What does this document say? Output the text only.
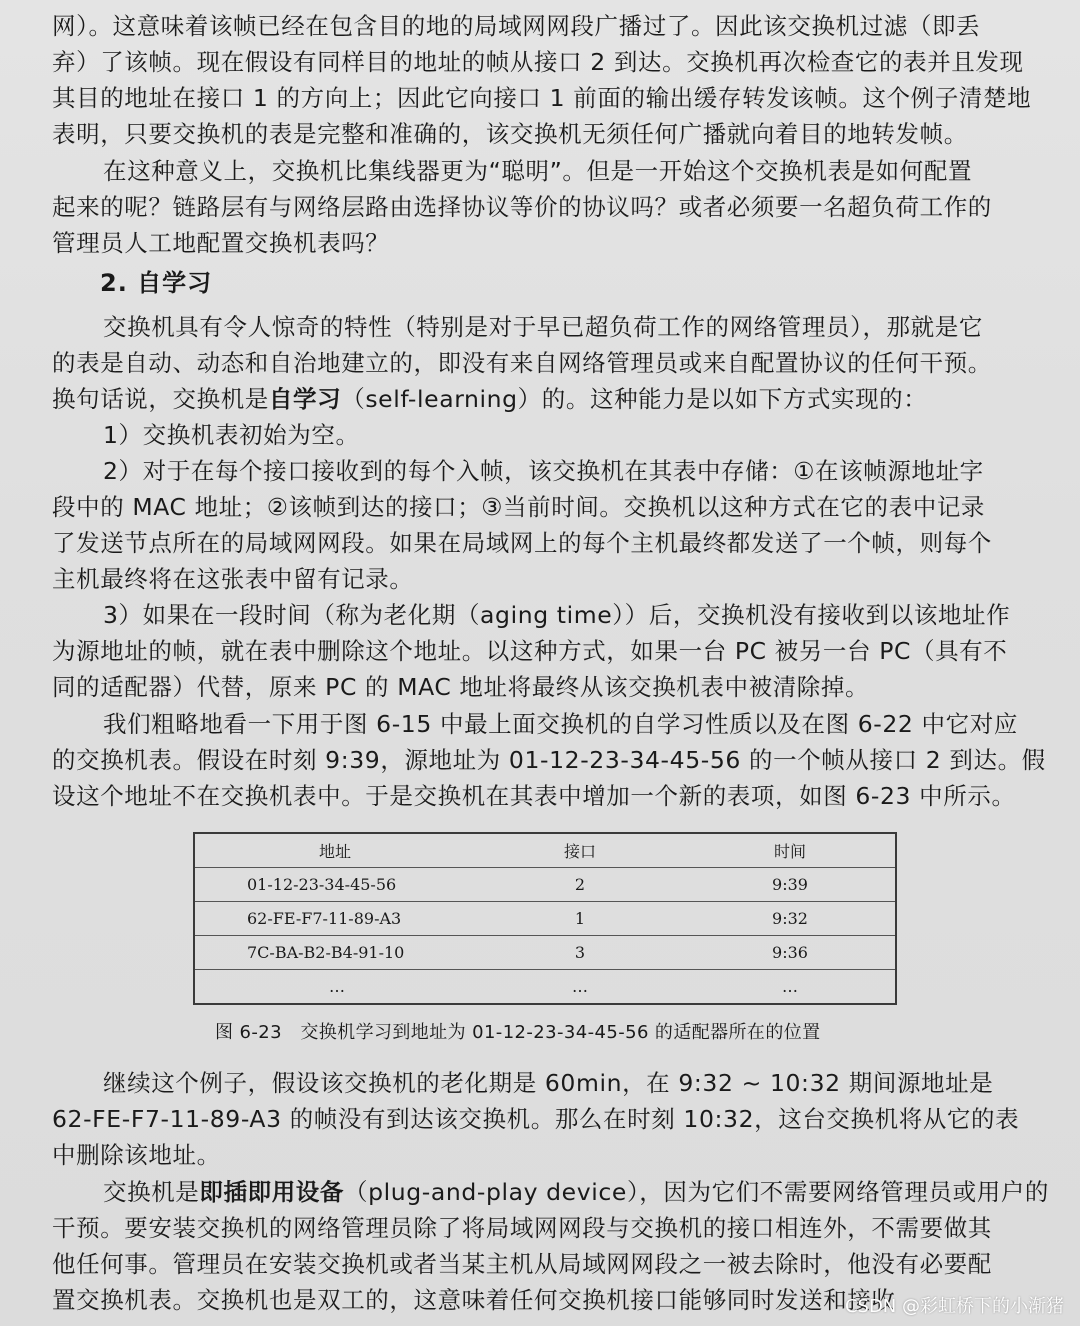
网）。这意味着该帧已经在包含目的地的局域网网段广播过了。因此该交换机过滤（即丢
弃）了该帧。现在假设有同样目的地址的帧从接口 2 到达。交换机再次检查它的表并且发现
其目的地址在接口 1 的方向上；因此它向接口 1 前面的输出缓存转发该帧。这个例子清楚地
表明，只要交换机的表是完整和准确的，该交换机无须任何广播就向着目的地转发帧。
在这种意义上，交换机比集线器更为“聪明”。但是一开始这个交换机表是如何配置
起来的呢？链路层有与网络层路由选择协议等价的协议吗？或者必须要一名超负荷工作的
管理员人工地配置交换机表吗？
2. 自学习
交换机具有令人惊奇的特性（特别是对于早已超负荷工作的网络管理员），那就是它
的表是自动、动态和自治地建立的，即没有来自网络管理员或来自配置协议的任何干预。
换句话说，交换机是自学习（self-learning）的。这种能力是以如下方式实现的：
1）交换机表初始为空。
2）对于在每个接口接收到的每个入帧，该交换机在其表中存储：①在该帧源地址字
段中的 MAC 地址；②该帧到达的接口；③当前时间。交换机以这种方式在它的表中记录
了发送节点所在的局域网网段。如果在局域网上的每个主机最终都发送了一个帧，则每个
主机最终将在这张表中留有记录。
3）如果在一段时间（称为老化期（aging time））后，交换机没有接收到以该地址作
为源地址的帧，就在表中删除这个地址。以这种方式，如果一台 PC 被另一台 PC（具有不
同的适配器）代替，原来 PC 的 MAC 地址将最终从该交换机表中被清除掉。
我们粗略地看一下用于图 6-15 中最上面交换机的自学习性质以及在图 6-22 中它对应
的交换机表。假设在时刻 9:39，源地址为 01-12-23-34-45-56 的一个帧从接口 2 到达。假
设这个地址不在交换机表中。于是交换机在其表中增加一个新的表项，如图 6-23 中所示。
地址	接口	时间
01-12-23-34-45-56	2	9:39
62-FE-F7-11-89-A3	1	9:32
7C-BA-B2-B4-91-10	3	9:36
…	…	…
图 6-23　交换机学习到地址为 01-12-23-34-45-56 的适配器所在的位置
继续这个例子，假设该交换机的老化期是 60min，在 9:32 ~ 10:32 期间源地址是
62-FE-F7-11-89-A3 的帧没有到达该交换机。那么在时刻 10:32，这台交换机将从它的表
中删除该地址。
交换机是即插即用设备（plug-and-play device），因为它们不需要网络管理员或用户的
干预。要安装交换机的网络管理员除了将局域网网段与交换机的接口相连外，不需要做其
他任何事。管理员在安装交换机或者当某主机从局域网网段之一被去除时，他没有必要配
置交换机表。交换机也是双工的，这意味着任何交换机接口能够同时发送和接收
CSDN @彩虹桥下的小渐猪
